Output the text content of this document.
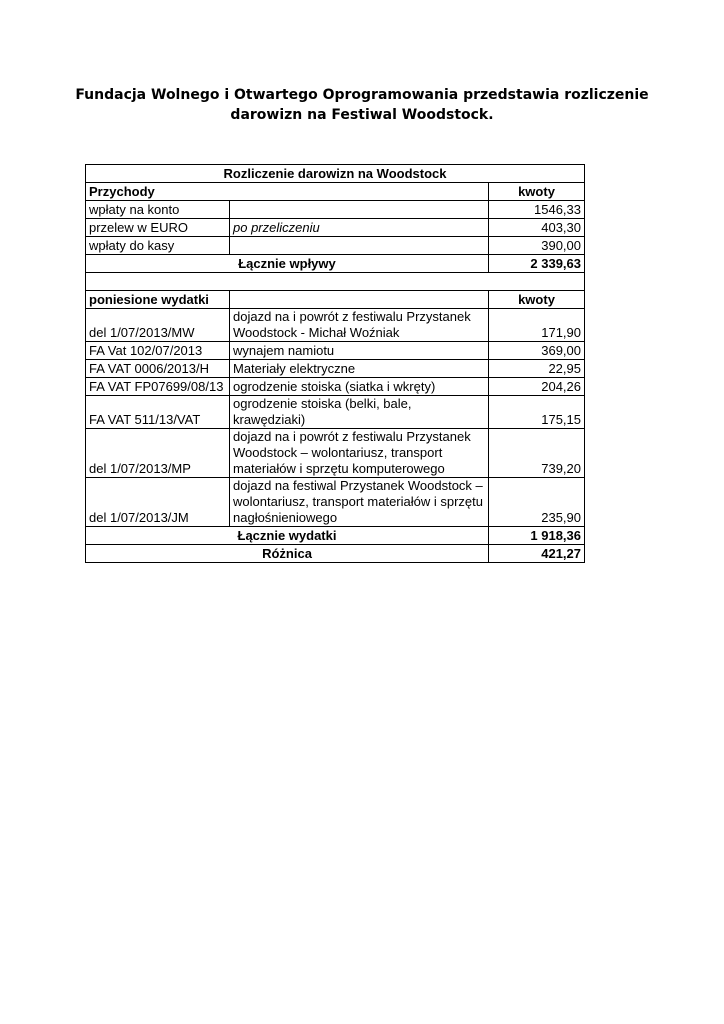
Fundacja Wolnego i Otwartego Oprogramowania przedstawia rozliczenie
darowizn na Festiwal Woodstock.
Rozliczenie darowizn na Woodstock		
Przychody		kwoty
wpłaty na konto		1546,33
przelew w EURO	po przeliczeniu	403,30
wpłaty do kasy		390,00
Łącznie wpływy		2 339,63

poniesione wydatki		kwoty
del 1/07/2013/MW	dojazd na i powrót z festiwalu Przystanek Woodstock - Michał Woźniak	171,90
FA Vat 102/07/2013	wynajem namiotu	369,00
FA VAT 0006/2013/H	Materiały elektryczne	22,95
FA VAT FP07699/08/13	ogrodzenie stoiska (siatka i wkręty)	204,26
FA VAT 511/13/VAT	ogrodzenie stoiska (belki, bale, krawędziaki)	175,15
del 1/07/2013/MP	dojazd na i powrót z festiwalu Przystanek Woodstock – wolontariusz, transport materiałów i sprzętu komputerowego	739,20
del 1/07/2013/JM	dojazd na festiwal Przystanek Woodstock – wolontariusz, transport materiałów i sprzętu nagłośnieniowego	235,90
Łącznie wydatki		1 918,36
Różnica		421,27
